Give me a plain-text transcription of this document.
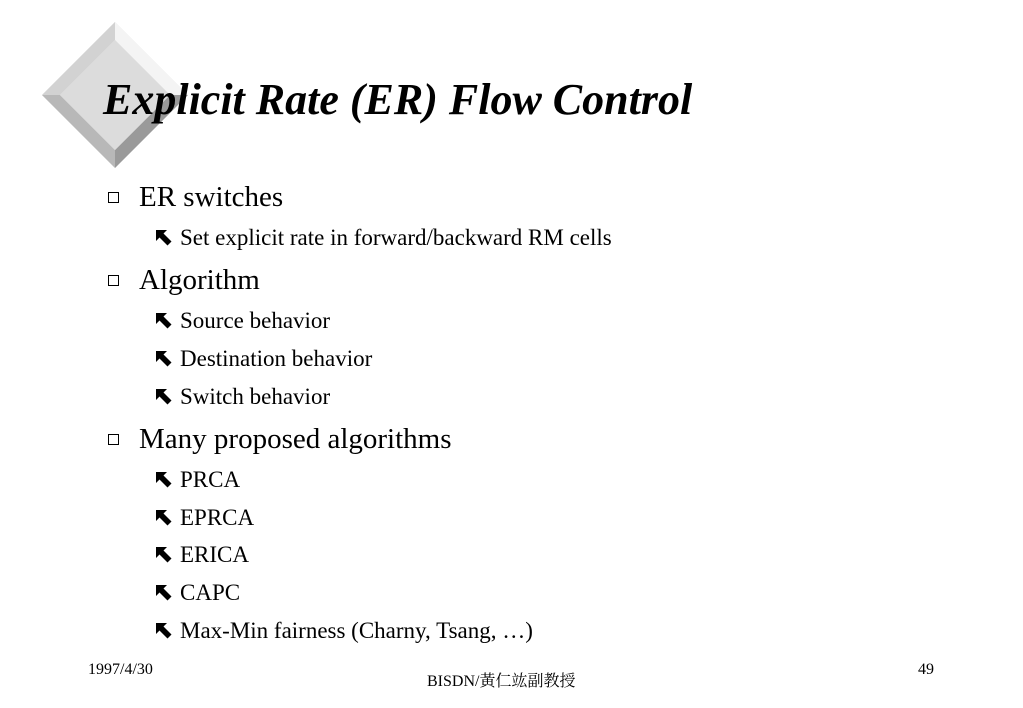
Explicit Rate (ER) Flow Control
ER switches
Set explicit rate in forward/backward RM cells
Algorithm
Source behavior
Destination behavior
Switch behavior
Many proposed algorithms
PRCA
EPRCA
ERICA
CAPC
Max-Min fairness (Charny, Tsang, …)
1997/4/30
BISDN/黃仁竑副教授
49
